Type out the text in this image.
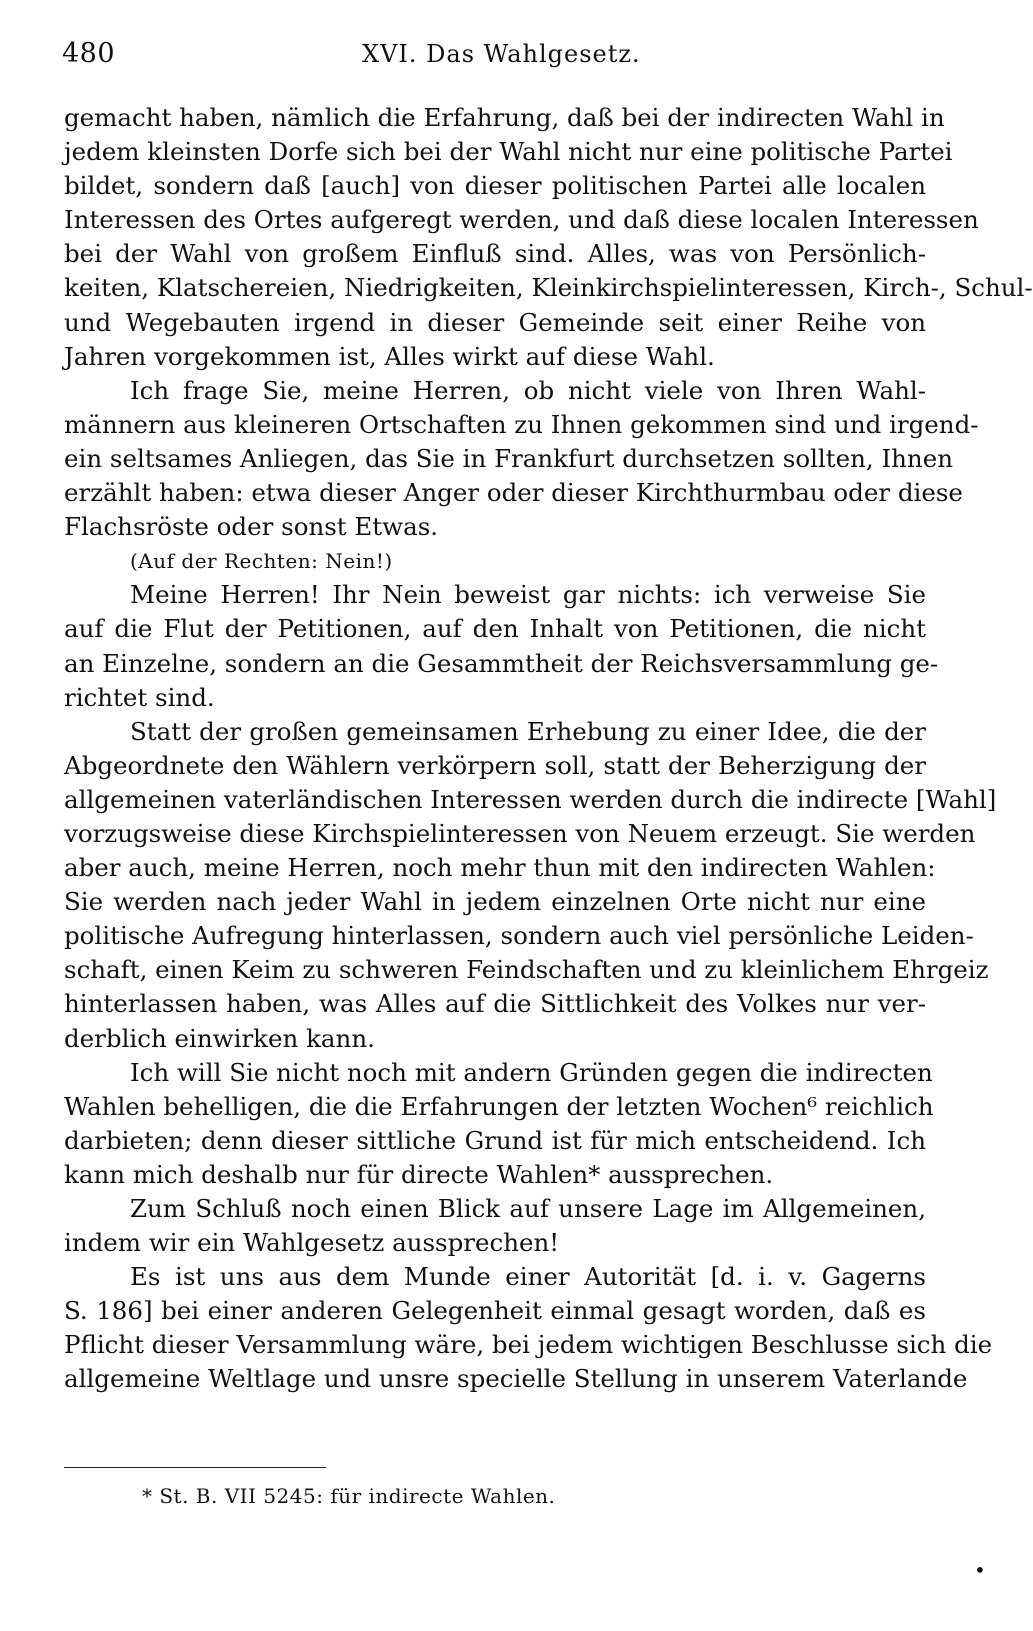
480	XVI. Das Wahlgesetz.
gemacht haben, nämlich die Erfahrung, daß bei der indirecten Wahl in
jedem kleinsten Dorfe sich bei der Wahl nicht nur eine politische Partei
bildet, sondern daß [auch] von dieser politischen Partei alle localen
Interessen des Ortes aufgeregt werden, und daß diese localen Interessen
bei der Wahl von großem Einfluß sind. Alles, was von Persönlich-
keiten, Klatschereien, Niedrigkeiten, Kleinkirchspielinteressen, Kirch-, Schul-
und Wegebauten irgend in dieser Gemeinde seit einer Reihe von
Jahren vorgekommen ist, Alles wirkt auf diese Wahl.
Ich frage Sie, meine Herren, ob nicht viele von Ihren Wahl-
männern aus kleineren Ortschaften zu Ihnen gekommen sind und irgend-
ein seltsames Anliegen, das Sie in Frankfurt durchsetzen sollten, Ihnen
erzählt haben: etwa dieser Anger oder dieser Kirchthurmbau oder diese
Flachsröste oder sonst Etwas.
(Auf der Rechten: Nein!)
Meine Herren! Ihr Nein beweist gar nichts: ich verweise Sie
auf die Flut der Petitionen, auf den Inhalt von Petitionen, die nicht
an Einzelne, sondern an die Gesammtheit der Reichsversammlung ge-
richtet sind.
Statt der großen gemeinsamen Erhebung zu einer Idee, die der
Abgeordnete den Wählern verkörpern soll, statt der Beherzigung der
allgemeinen vaterländischen Interessen werden durch die indirecte [Wahl]
vorzugsweise diese Kirchspielinteressen von Neuem erzeugt. Sie werden
aber auch, meine Herren, noch mehr thun mit den indirecten Wahlen:
Sie werden nach jeder Wahl in jedem einzelnen Orte nicht nur eine
politische Aufregung hinterlassen, sondern auch viel persönliche Leiden-
schaft, einen Keim zu schweren Feindschaften und zu kleinlichem Ehrgeiz
hinterlassen haben, was Alles auf die Sittlichkeit des Volkes nur ver-
derblich einwirken kann.
Ich will Sie nicht noch mit andern Gründen gegen die indirecten
Wahlen behelligen, die die Erfahrungen der letzten Wochen⁶ reichlich
darbieten; denn dieser sittliche Grund ist für mich entscheidend. Ich
kann mich deshalb nur für directe Wahlen* aussprechen.
Zum Schluß noch einen Blick auf unsere Lage im Allgemeinen,
indem wir ein Wahlgesetz aussprechen!
Es ist uns aus dem Munde einer Autorität [d. i. v. Gagerns
S. 186] bei einer anderen Gelegenheit einmal gesagt worden, daß es
Pflicht dieser Versammlung wäre, bei jedem wichtigen Beschlusse sich die
allgemeine Weltlage und unsre specielle Stellung in unserem Vaterlande
* St. B. VII 5245: für indirecte Wahlen.
•
